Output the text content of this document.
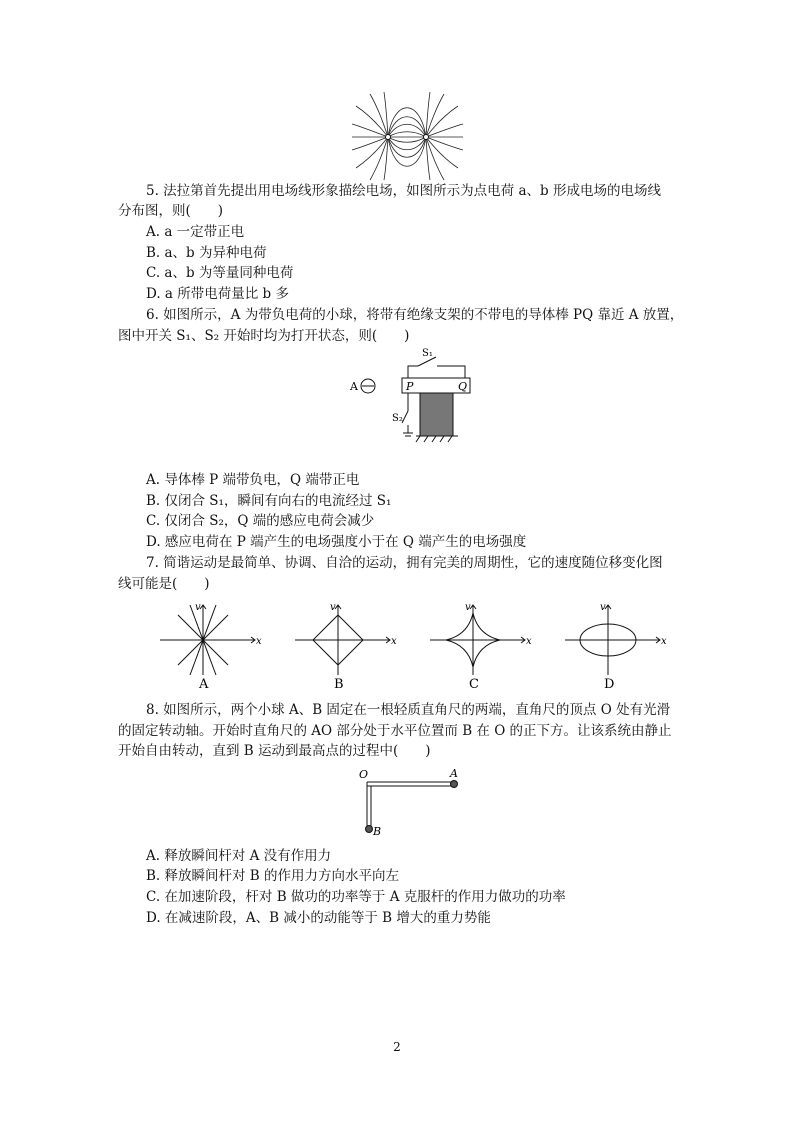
5. 法拉第首先提出用电场线形象描绘电场，如图所示为点电荷 a、b 形成电场的电场线
分布图，则(　　)
A. a 一定带正电
B. a、b 为异种电荷
C. a、b 为等量同种电荷
D. a 所带电荷量比 b 多
6. 如图所示，A 为带负电荷的小球，将带有绝缘支架的不带电的导体棒 PQ 靠近 A 放置，
图中开关 S₁、S₂ 开始时均为打开状态，则(　　)
A	P	Q
S₁
S₂
A. 导体棒 P 端带负电，Q 端带正电
B. 仅闭合 S₁，瞬间有向右的电流经过 S₁
C. 仅闭合 S₂，Q 端的感应电荷会减少
D. 感应电荷在 P 端产生的电场强度小于在 Q 端产生的电场强度
7. 简谐运动是最简单、协调、自洽的运动，拥有完美的周期性，它的速度随位移变化图
线可能是(　　)
v
x
A
v
x
B
v
x
C
v
x
D
8. 如图所示，两个小球 A、B 固定在一根轻质直角尺的两端，直角尺的顶点 O 处有光滑
的固定转动轴。开始时直角尺的 AO 部分处于水平位置而 B 在 O 的正下方。让该系统由静止
开始自由转动，直到 B 运动到最高点的过程中(　　)
O	A
B
A. 释放瞬间杆对 A 没有作用力
B. 释放瞬间杆对 B 的作用力方向水平向左
C. 在加速阶段，杆对 B 做功的功率等于 A 克服杆的作用力做功的功率
D. 在减速阶段，A、B 减小的动能等于 B 增大的重力势能
2
